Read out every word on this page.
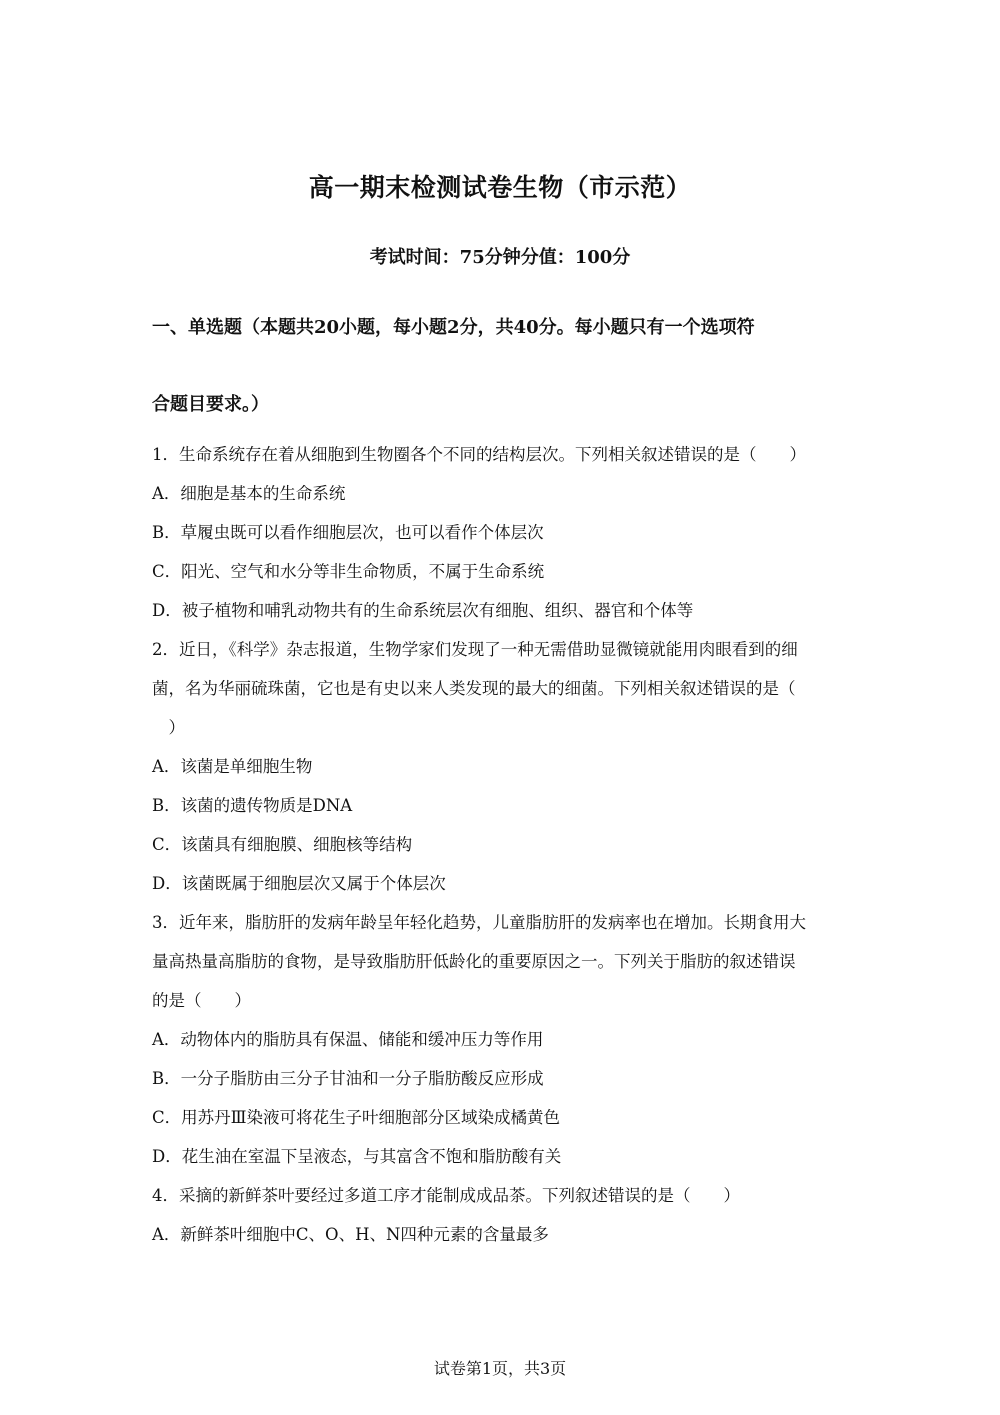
高一期末检测试卷生物（市示范）
考试时间：75分钟分值：100分
一、单选题（本题共20小题，每小题2分，共40分。每小题只有一个选项符
合题目要求。）
1．生命系统存在着从细胞到生物圈各个不同的结构层次。下列相关叙述错误的是（　　）
A．细胞是基本的生命系统
B．草履虫既可以看作细胞层次，也可以看作个体层次
C．阳光、空气和水分等非生命物质，不属于生命系统
D．被子植物和哺乳动物共有的生命系统层次有细胞、组织、器官和个体等
2．近日，《科学》杂志报道，生物学家们发现了一种无需借助显微镜就能用肉眼看到的细
菌，名为华丽硫珠菌，它也是有史以来人类发现的最大的细菌。下列相关叙述错误的是（
　）
A．该菌是单细胞生物
B．该菌的遗传物质是DNA
C．该菌具有细胞膜、细胞核等结构
D．该菌既属于细胞层次又属于个体层次
3．近年来，脂肪肝的发病年龄呈年轻化趋势，儿童脂肪肝的发病率也在增加。长期食用大
量高热量高脂肪的食物，是导致脂肪肝低龄化的重要原因之一。下列关于脂肪的叙述错误
的是（　　）
A．动物体内的脂肪具有保温、储能和缓冲压力等作用
B．一分子脂肪由三分子甘油和一分子脂肪酸反应形成
C．用苏丹Ⅲ染液可将花生子叶细胞部分区域染成橘黄色
D．花生油在室温下呈液态，与其富含不饱和脂肪酸有关
4．采摘的新鲜茶叶要经过多道工序才能制成成品茶。下列叙述错误的是（　　）
A．新鲜茶叶细胞中C、O、H、N四种元素的含量最多
试卷第1页，共3页
